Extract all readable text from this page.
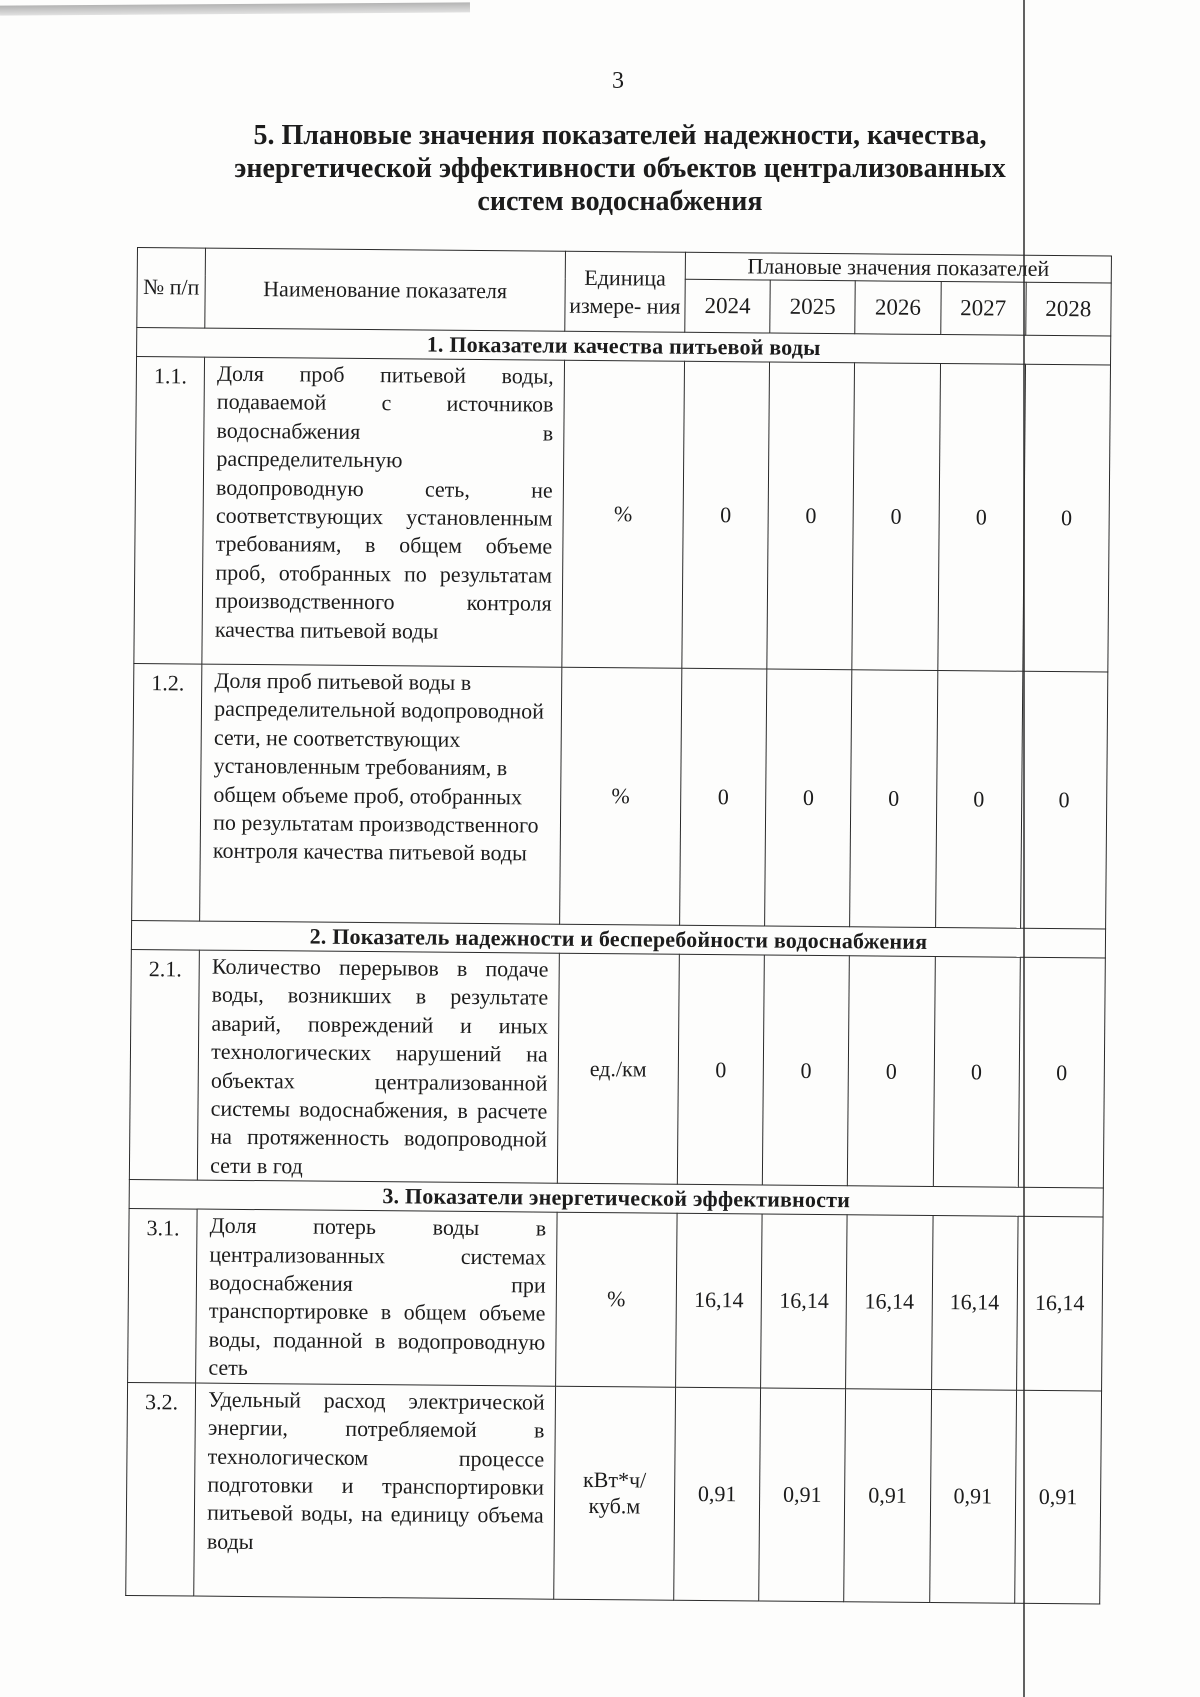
3
5. Плановые значения показателей надежности, качества,
энергетической эффективности объектов централизованных
систем водоснабжения
№ п/п	Наименование показателя	Единица измере- ния	Плановые значения показателей				
			2024	2025	2026	2027	2028
1. Показатели качества питьевой воды							
1.1.	Доля проб питьевой воды, подаваемой с источников водоснабжения в распределительную водопроводную сеть, не соответствующих установленным требованиям, в общем объеме проб, отобранных по результатам производственного контроля качества питьевой воды	%	0	0	0	0	0
1.2.	Доля проб питьевой воды в распределительной водопроводной сети, не соответствующих установленным требованиям, в общем объеме проб, отобранных по результатам производственного контроля качества питьевой воды	%	0	0	0	0	0
2. Показатель надежности и бесперебойности водоснабжения							
2.1.	Количество перерывов в подаче воды, возникших в результате аварий, повреждений и иных технологических нарушений на объектах централизованной системы водоснабжения, в расчете на протяженность водопроводной сети в год	ед./км	0	0	0	0	0
3. Показатели энергетической эффективности							
3.1.	Доля потерь воды в централизованных системах водоснабжения при транспортировке в общем объеме воды, поданной в водопроводную сеть	%	16,14	16,14	16,14	16,14	16,14
3.2.	Удельный расход электрической энергии, потребляемой в технологическом процессе подготовки и транспортировки питьевой воды, на единицу объема воды	кВт*ч/ куб.м	0,91	0,91	0,91	0,91	0,91
